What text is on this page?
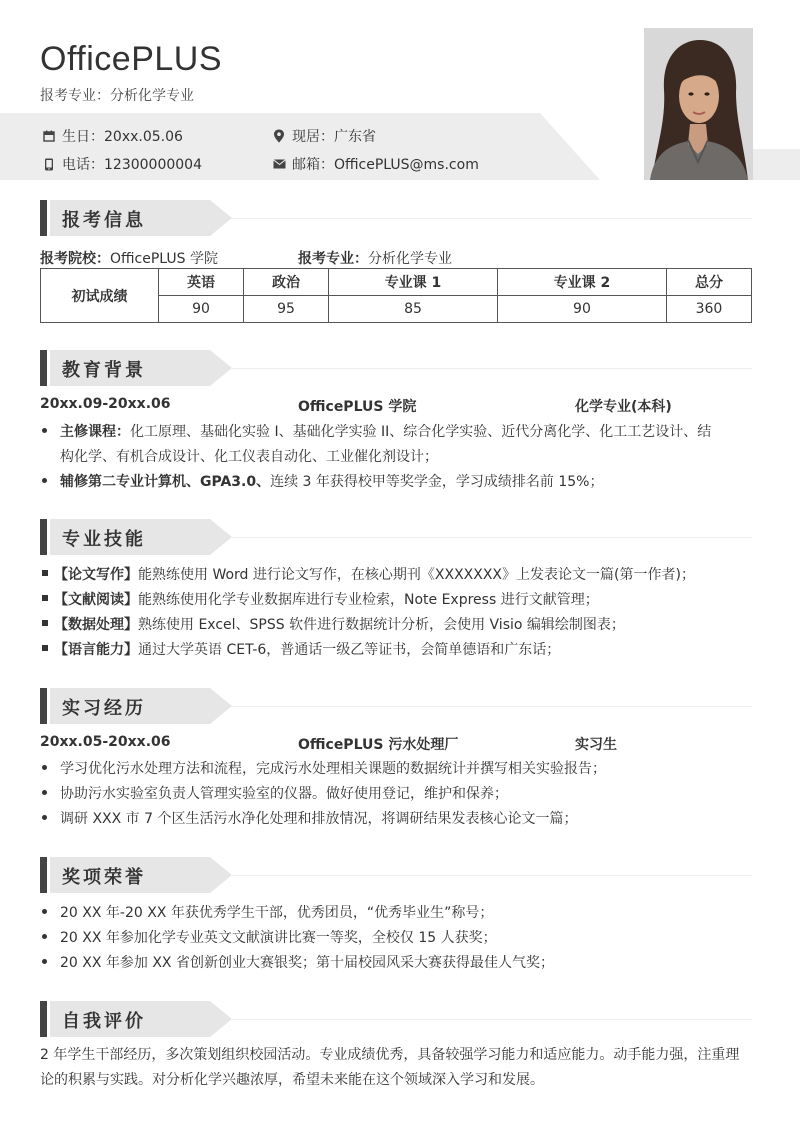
OfficePLUS
报考专业：分析化学专业
生日：20xx.05.06	现居：广东省
电话：12300000004	邮箱：OfficePLUS@ms.com
报考信息
报考院校：OfficePLUS 学院	报考专业：分析化学专业
初试成绩	英语	政治	专业课 1	专业课 2	总分
	90	95	85	90	360
教育背景
20xx.09-20xx.06	OfficePLUS 学院	化学专业(本科)
主修课程：化工原理、基础化实验 I、基础化学实验 II、综合化学实验、近代分离化学、化工工艺设计、结
构化学、有机合成设计、化工仪表自动化、工业催化剂设计；
辅修第二专业计算机、GPA3.0、连续 3 年获得校甲等奖学金，学习成绩排名前 15%；
专业技能
【论文写作】能熟练使用 Word 进行论文写作，在核心期刊《XXXXXXX》上发表论文一篇(第一作者)；
【文献阅读】能熟练使用化学专业数据库进行专业检索，Note Express 进行文献管理；
【数据处理】熟练使用 Excel、SPSS 软件进行数据统计分析，会使用 Visio 编辑绘制图表；
【语言能力】通过大学英语 CET-6，普通话一级乙等证书，会简单德语和广东话；
实习经历
20xx.05-20xx.06	OfficePLUS 污水处理厂	实习生
学习优化污水处理方法和流程，完成污水处理相关课题的数据统计并撰写相关实验报告；
协助污水实验室负责人管理实验室的仪器。做好使用登记，维护和保养；
调研 XXX 市 7 个区生活污水净化处理和排放情况，将调研结果发表核心论文一篇；
奖项荣誉
20 XX 年-20 XX 年获优秀学生干部，优秀团员，“优秀毕业生”称号；
20 XX 年参加化学专业英文文献演讲比赛一等奖，全校仅 15 人获奖；
20 XX 年参加 XX 省创新创业大赛银奖；第十届校园风采大赛获得最佳人气奖；
自我评价
2 年学生干部经历，多次策划组织校园活动。专业成绩优秀，具备较强学习能力和适应能力。动手能力强，注重理论的积累与实践。对分析化学兴趣浓厚，希望未来能在这个领域深入学习和发展。
